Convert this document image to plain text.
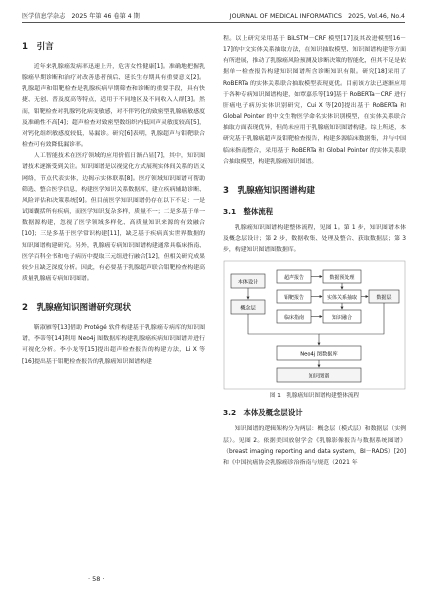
医学信息学杂志　2025 年第 46 卷第 4 期	JOURNAL OF MEDICAL INFORMATICS　2025, Vol.46, No.4
1　引言

近年来乳腺癌发病率迅速上升，危害女性健康[1]。准确地把握乳腺癌早期诊断和治疗对改善患者预后、延长生存期具有重要意义[2]。乳腺超声和钼靶检查是乳腺疾病早期筛查和诊断的重要手段，具有快捷、无创、普及度高等特点，适用于不同地区及不同收入人群[3]。然而，钼靶检查对乳腺钙化病变敏感，对不伴钙化的致密型乳腺癌敏感度及准确性不高[4]；超声检查对致密型数组织内低回声灵敏度较高[5]，对钙化组织敏感度较低，易漏诊。研究[6]表明，乳腺超声与钼靶联合检查可有效降低漏诊率。

人工智能技术在医疗领域的应用价值日渐凸显[7]，其中，知识图谱技术逐渐受到关注。知识图谱是以视觉化方式展现实体间关系的语义网络，节点代表实体，边揭示实体联系[8]。医疗领域知识图谱可帮助筛选、整合医学信息，构建医学知识关系数据库，建立疾病辅助诊断、风险评估和决策系统[9]。但目前医学知识图谱仍存在以下不足：一是试图囊括所有疾病，而医学知识复杂多样，质量不一；二是多基于单一数据源构建，忽视了医学领域多样化、高质量知识来源的有效融合[10]；三是多基于医学常识构建[11]，缺乏基于疾病真实世界数据的知识图谱构建研究。另外，乳腺癌专病知识图谱构建通常具临床指南、医学百科全书和电子病历中提取三元组进行融合[12]，但相关研究成果较少且缺乏深度分析。因此，有必要基于乳腺超声联合钼靶检查构建高质量乳腺癌专病知识图谱。

2　乳腺癌知识图谱研究现状

靳淑雁等[13]借助 Protégé 软件构建基于乳腺癌专病库的知识图谱，李蒂等[14]利用 Neo4j 图数据库构建乳腺癌疾病知识图谱并进行可视化分析。李小龙等[15]提出超声检查报告的构建方法，Li X 等[16]提出基于钼靶检查报告的乳腺癌知识图谱构建

程。以上研究采用基于 BiLSTM－CRF 模型[17]及其改进模型[16－17]的中文实体关系抽取方法，在知识抽取模型、知识图谱构建等方面有所进展，推动了乳腺癌风险预测及诊断决策的智能化，但其不足是依据单一检查报告构建知识图谱所含诊断知识有限。研究[18]采用了 RoBERTa 的实体关系联合抽取模型表现更优。目前该方法已逐渐应用于各种专病知识图谱构建，如覃嘉乐等[19]基于 RoBERTa－CRF 进行肝癌电子病历实体识别研究，Cui X 等[20]提出基于 RoBERTa 和 Global Pointer 的中文生物医学命名实体识别模型，在实体关系联合抽取方面表现优异，但尚未应用于乳腺癌知识图谱构建。综上所述，本研究基于乳腺癌超声及钼靶检查报告，构建多源临床数据集，并与中国临床指南整合，采用基于 RoBERTa 和 Global Pointer 的实体关系联合抽取模型，构建乳腺癌知识图谱。

3　乳腺癌知识图谱构建
3.1　整体流程

乳腺癌知识图谱构建整体流程，见图 1。第 1 步，知识图谱本体及概念层设计；第 2 步，数据收集、处理及整合、获取数据层；第 3 步，构建知识图谱图数据库。

本体设计
概念层
超声报告
钼靶报告
临床指南
数据预处理
实体关系抽取
知识融合
数据层
Neo4j 图数据库
知识图谱
图 1　乳腺癌知识图谱构建整体流程
3.2　本体及概念层设计

知识图谱的逻辑架构分为两层：概念层（模式层）和数据层（实例层）。见图 2。依据美国放射学会《乳腺影像报告与数据系统图谱》（breast imaging reporting and data system，BI－RADS）[20]和《中国抗癌协会乳腺癌诊治指南与规范（2021 年

· 58 ·
